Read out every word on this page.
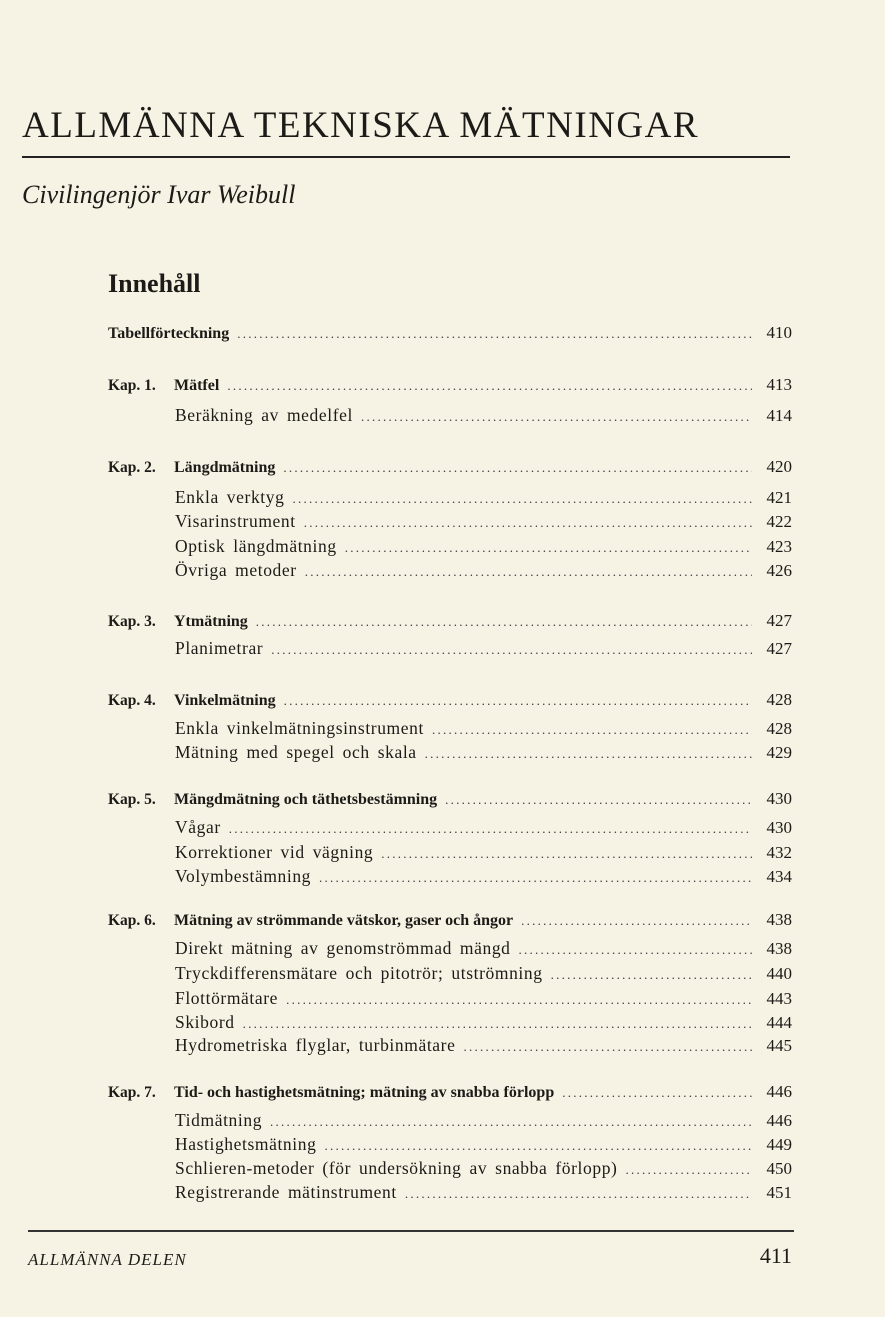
ALLMÄNNA TEKNISKA MÄTNINGAR
Civilingenjör Ivar Weibull
Innehåll
Tabellförteckning . . .	410
Kap. 1.	Mätfel . . .	413
Beräkning av medelfel . . .	414
Kap. 2.	Längdmätning . . .	420
Enkla verktyg . . .	421
Visarinstrument . . .	422
Optisk längdmätning . . .	423
Övriga metoder . . .	426
Kap. 3.	Ytmätning . . .	427
Planimetrar . . .	427
Kap. 4.	Vinkelmätning . . .	428
Enkla vinkelmätningsinstrument . . .	428
Mätning med spegel och skala . . .	429
Kap. 5.	Mängdmätning och täthetsbestämning . . .	430
Vågar . . .	430
Korrektioner vid vägning . . .	432
Volymbestämning . . .	434
Kap. 6.	Mätning av strömmande vätskor, gaser och ångor . . .	438
Direkt mätning av genomströmmad mängd . . .	438
Tryckdifferensmätare och pitotrör; utströmning . . .	440
Flottörmätare . . .	443
Skibord . . .	444
Hydrometriska flyglar, turbinmätare . . .	445
Kap. 7.	Tid- och hastighetsmätning; mätning av snabba förlopp . . .	446
Tidmätning . . .	446
Hastighetsmätning . . .	449
Schlieren-metoder (för undersökning av snabba förlopp) . . .	450
Registrerande mätinstrument . . .	451
ALLMÄNNA DELEN	411
